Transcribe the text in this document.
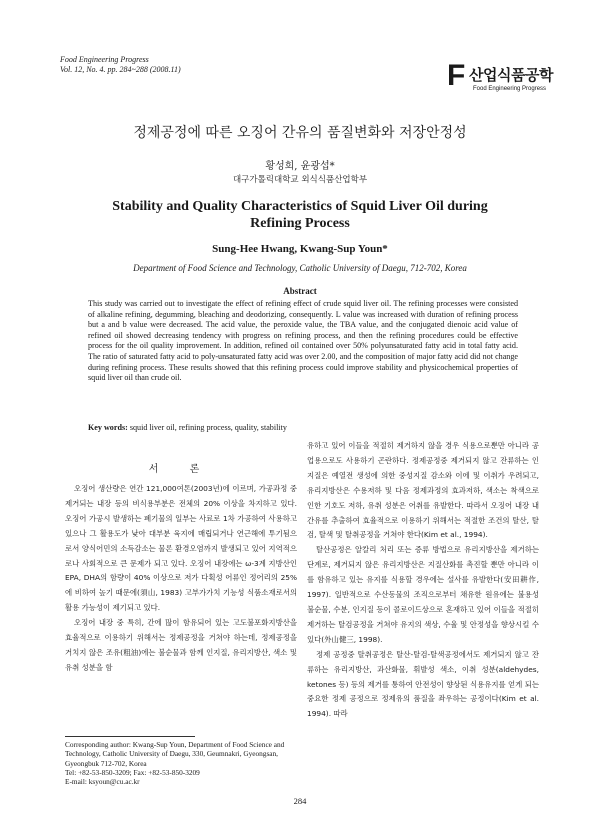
Food Engineering Progress
Vol. 12, No. 4. pp. 284~288 (2008.11)	F 산업식품공학
Food Engineering Progress
정제공정에 따른 오징어 간유의 품질변화와 저장안정성
황성희, 윤광섭*
대구가톨릭대학교 외식식품산업학부
Stability and Quality Characteristics of Squid Liver Oil during
Refining Process
Sung-Hee Hwang, Kwang-Sup Youn*
Department of Food Science and Technology, Catholic University of Daegu, 712-702, Korea
Abstract
This study was carried out to investigate the effect of refining effect of crude squid liver oil. The refining processes were consisted of alkaline refining, degumming, bleaching and deodorizing, consequently. L value was increased with duration of refining process but a and b value were decreased. The acid value, the peroxide value, the TBA value, and the conjugated dienoic acid value of refined oil showed decreasing tendency with progress on refining process, and then the refining procedures could be effective process for the oil quality improvement. In addition, refined oil contained over 50% polyunsaturated fatty acid in total fatty acid. The ratio of saturated fatty acid to poly-unsaturated fatty acid was over 2.00, and the composition of major fatty acid did not change during refining process. These results showed that this refining process could improve stability and physicochemical properties of squid liver oil than crude oil.
Key words: squid liver oil, refining process, quality, stability
서 론

오징어 생산량은 연간 121,000여톤(2003년)에 이르며, 가공과정 중 제거되는 내장 등의 비식용부분은 전체의 20% 이상을 차지하고 있다. 오징어 가공시 발생하는 폐기물의 일부는 사료로 1차 가공하여 사용하고 있으나 그 활용도가 낮아 대부분 육지에 매립되거나 연근해에 투기됨으로서 양식어민의 소득감소는 물론 환경오염까지 발생되고 있어 지역적으로나 사회적으로 큰 문제가 되고 있다. 오징어 내장에는 ω-3계 지방산인 EPA, DHA의 함량이 40% 이상으로 저가 다획성 어류인 정어리의 25%에 비하여 높기 때문에(須山, 1983) 고부가가치 기능성 식품소재로서의 활용 가능성이 제기되고 있다.

오징어 내장 중 특히, 간에 많이 함유되어 있는 고도불포화지방산을 효율적으로 이용하기 위해서는 정제공정을 거쳐야 하는데, 정제공정을 거치지 않은 조유(粗油)에는 불순물과 함께 인지질, 유리지방산, 색소 및 유취 성분을 함

유하고 있어 이들을 적절히 제거하지 않을 경우 식용으로뿐만 아니라 공업용으로도 사용하기 곤란하다. 정제공정중 제거되지 않고 잔류하는 인지질은 예열전 생성에 의한 중성지질 감소와 이에 및 이취가 우려되고, 유리지방산은 수용저하 및 다음 정제과정의 효과저하, 색소는 착색으로 인한 기호도 저하, 유취 성분은 어취를 유발한다. 따라서 오징어 내장 내 간유를 추출하여 효율적으로 이용하기 위해서는 적절한 조건의 탈산, 탈검, 탈색 및 탈취공정을 거쳐야 한다(Kim et al., 1994).

탈산공정은 알칼리 처리 또는 증류 방법으로 유리지방산을 제거하는 단계로, 제거되지 않은 유리지방산은 지질산화를 촉진할 뿐만 아니라 이를 함유하고 있는 유지를 식용할 경우에는 설사를 유발한다(安田耕作, 1997). 일반적으로 수산동물의 조직으로부터 채유한 원유에는 불용성 불순물, 수분, 인지질 등이 콜로이드상으로 혼재하고 있어 이들을 적절히 제거하는 탈검공정을 거쳐야 유지의 색상, 수율 및 안정성을 향상시킬 수 있다(外山健三, 1998).

정제 공정중 탈취공정은 탈산-탈검-탈색공정에서도 제거되지 않고 잔류하는 유리지방산, 과산화물, 휘발성 색소, 이취 성분(aldehydes, ketones 등) 등의 제거를 통하여 안전성이 향상된 식용유지를 얻게 되는 중요한 정제 공정으로 정제유의 품질을 좌우하는 공정이다(Kim et al. 1994). 따라

Corresponding author: Kwang-Sup Youn, Department of Food Science and Technology, Catholic University of Daegu, 330, Geumnakri, Gyeongsan, Gyeongbuk 712-702, Korea
Tel: +82-53-850-3209; Fax: +82-53-850-3209
E-mail: ksyoun@cu.ac.kr
284
